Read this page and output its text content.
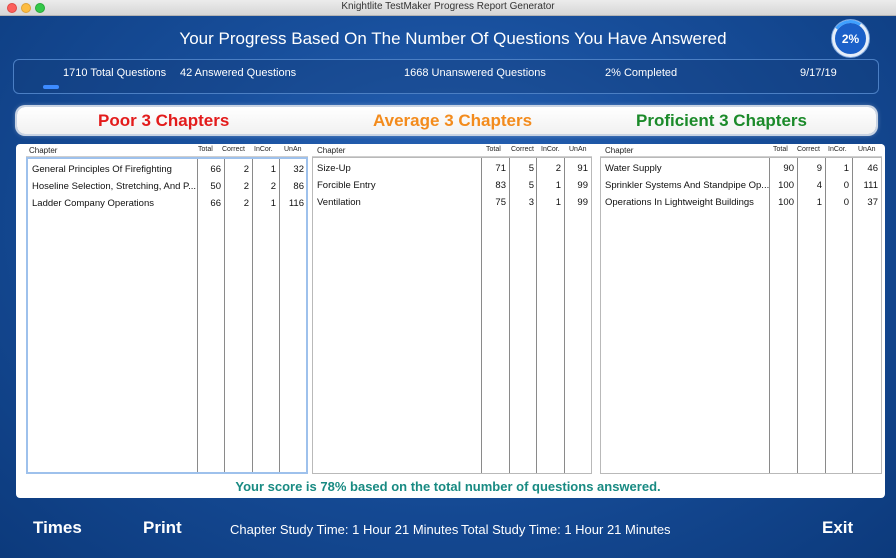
Knightlite TestMaker Progress Report Generator
Your Progress Based On The Number Of Questions You Have Answered	2%
1710 Total Questions 42 Answered Questions	1668 Unanswered Questions	2% Completed	9/17/19
Poor 3 Chapters	Average 3 Chapters	Proficient 3 Chapters
Chapter	Total Correct InCor. UnAn
General Principles Of Firefighting	66	2	1	32
Hoseline Selection, Stretching, And P...	50	2	2	86
Ladder Company Operations	66	2	1	116
Chapter	Total Correct InCor. UnAn
Size-Up	71	5	2	91
Forcible Entry	83	5	1	99
Ventilation	75	3	1	99
Chapter	Total Correct InCor. UnAn
Water Supply	90	9	1	46
Sprinkler Systems And Standpipe Op... 100	4	0	111
Operations In Lightweight Buildings	100	1	0	37
Your score is 78% based on the total number of questions answered.
Times	Print	Chapter Study Time: 1 Hour 21 Minutes Total Study Time: 1 Hour 21 Minutes	Exit
